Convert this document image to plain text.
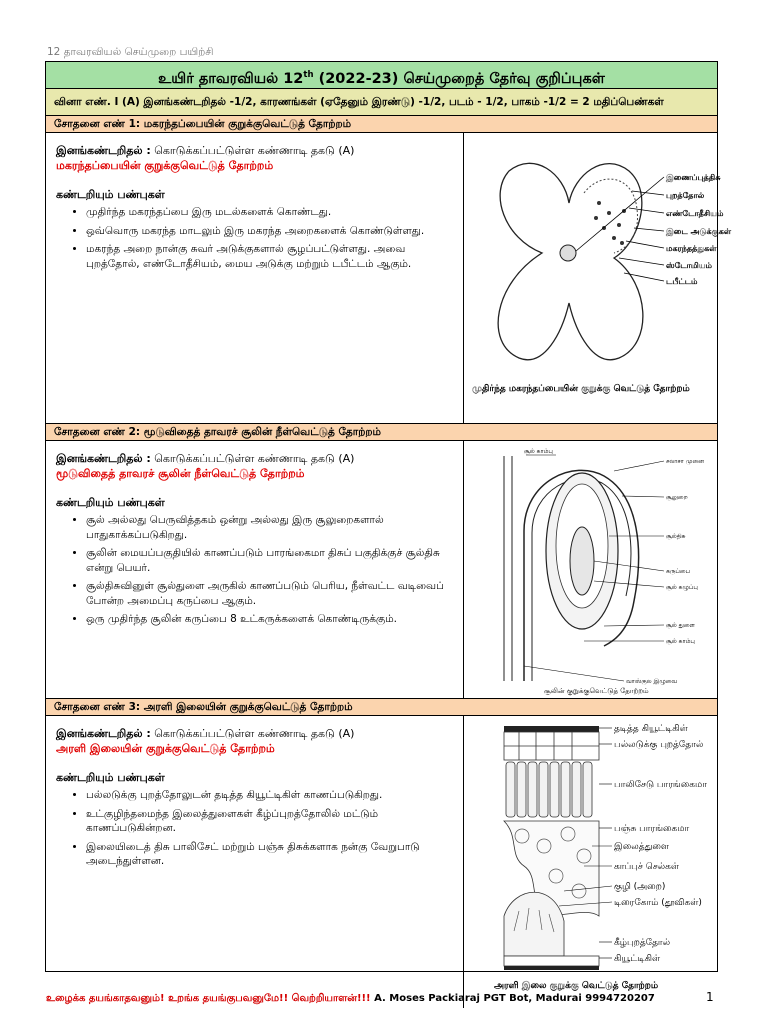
12 தாவரவியல் செய்முறை பயிற்சி
உயிர் தாவரவியல் 12th (2022-23) செய்முறைத் தேர்வு குறிப்புகள்
வினா எண். I (A) இனங்கண்டறிதல் -1/2, காரணங்கள் (ஏதேனும் இரண்டு) -1/2, படம் - 1/2, பாகம் -1/2 = 2 மதிப்பெண்கள்
சோதனை எண் 1: மகரந்தப்பையின் குறுக்குவெட்டுத் தோற்றம்
இனங்கண்டறிதல் : கொடுக்கப்பட்டுள்ள கண்ணாடி தகடு (A)
மகரந்தப்பையின் குறுக்குவெட்டுத் தோற்றம்
கண்டறியும் பண்புகள்
• முதிர்ந்த மகரந்தப்பை இரு மடல்களைக் கொண்டது.
• ஒவ்வொரு மகரந்த மாடலும் இரு மகரந்த அறைகளைக் கொண்டுள்ளது.
• மகரந்த அறை நான்கு சுவர் அடுக்குகளால் சூழப்பட்டுள்ளது. அவை புறத்தோல், எண்டோதீசியம், மைய அடுக்கு மற்றும் டபீட்டம் ஆகும்.
இணைப்புத்திசு
புறத்தோல்
எண்டோதீசியம்
இடை அடுக்குகள்
மகரந்தத்துகள்
ஸ்டோமியம்
டபீட்டம்
முதிர்ந்த மகரந்தப்பையின் குறுக்கு வெட்டுத் தோற்றம்
சோதனை எண் 2: மூடுவிதைத் தாவரச் சூலின் நீள்வெட்டுத் தோற்றம்
இனங்கண்டறிதல் : கொடுக்கப்பட்டுள்ள கண்ணாடி தகடு (A)
மூடுவிதைத் தாவரச் சூலின் நீள்வெட்டுத் தோற்றம்
கண்டறியும் பண்புகள்
• சூல் அல்லது பெருவித்தகம் ஒன்று அல்லது இரு சூலுறைகளால் பாதுகாக்கப்படுகிறது.
• சூலின் மையப்பகுதியில் காணப்படும் பாரங்கைமா திசுப் பகுதிக்குச் சூல்திசு என்று பெயர்.
• சூல்திசுவினுள் சூல்துளை அருகில் காணப்படும் பெரிய, நீள்வட்ட வடிவைப் போன்ற அமைப்பு கருப்பை ஆகும்.
• ஒரு முதிர்ந்த சூலின் கருப்பை 8 உட்கருக்களைக் கொண்டிருக்கும்.
சூல் காம்பு
சலாசா முனை
சூலுறை
சூல்திசு
கருப்பை
சூல் கழுப்பு
சூல் துளை
சூல் காம்பு
வாஸ்குல இழுவை
சூலின் குறுக்குவெட்டுத் தோற்றம்
சோதனை எண் 3: அரளி இலையின் குறுக்குவெட்டுத் தோற்றம்
இனங்கண்டறிதல் : கொடுக்கப்பட்டுள்ள கண்ணாடி தகடு (A)
அரளி இலையின் குறுக்குவெட்டுத் தோற்றம்
கண்டறியும் பண்புகள்
• பல்லடுக்கு புறத்தோலுடன் தடித்த கியூட்டிகிள் காணப்படுகிறது.
• உட்குழிந்தமைந்த இலைத்துளைகள் கீழ்ப்புறத்தோலில் மட்டும் காணப்படுகின்றன.
• இலையிடைத் திசு பாலிசேட் மற்றும் பஞ்சு திசுக்களாக நன்கு வேறுபாடு அடைந்துள்ளன.
தடித்த கியூட்டிகிள்
பல்லடுக்கு புறத்தோல்
பாலிசேடு பாரங்கைமா
பஞ்சு பாரங்கைமா
இலைத்துளை
காப்புச் செல்கள்
குழி (அறை)
டிரைகோம் (தூவிகள்)
கீழ்புறத்தோல்
கியூட்டிகிள்
அரளி இலை குறுக்கு வெட்டுத் தோற்றம்
உழைக்க தயங்காதவனும்! உறங்க தயங்குபவனுமே!! வெற்றியாளன்!!! A. Moses Packiaraj PGT Bot, Madurai 9994720207	1
